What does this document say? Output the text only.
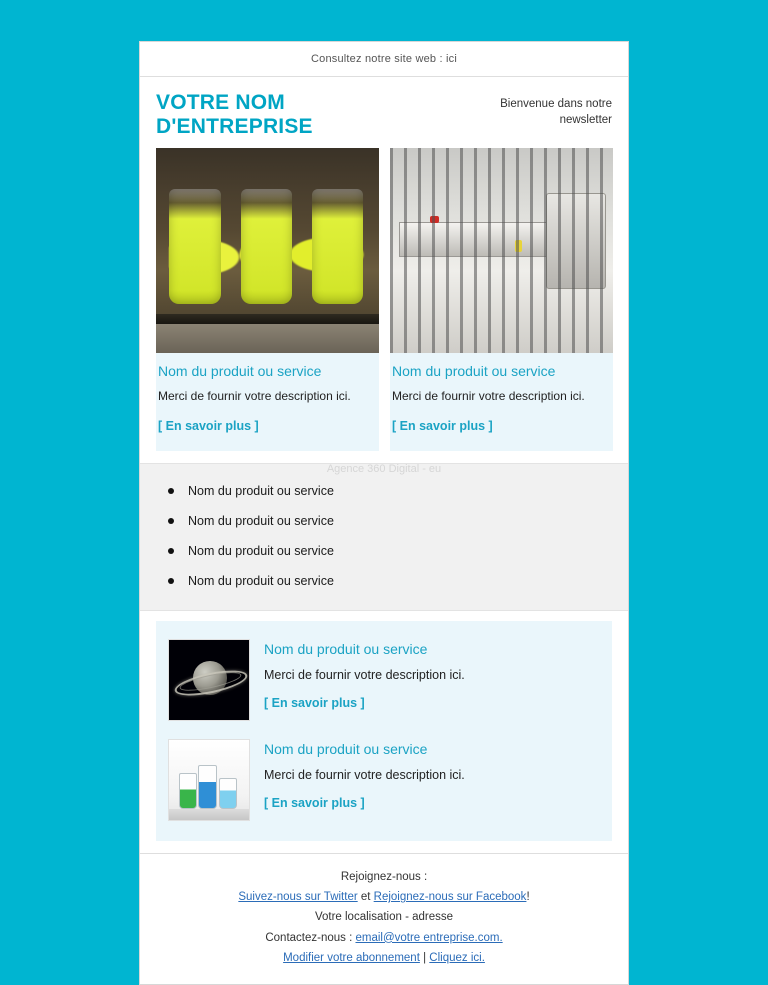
Consultez notre site web : ici
VOTRE NOM
D'ENTREPRISE
Bienvenue dans notre newsletter
Nom du produit ou service
Merci de fournir votre description ici.
[ En savoir plus ]
Nom du produit ou service
Merci de fournir votre description ici.
[ En savoir plus ]
Agence 360 Digital - eu
Nom du produit ou service
Nom du produit ou service
Nom du produit ou service
Nom du produit ou service
Nom du produit ou service
Merci de fournir votre description ici.
[ En savoir plus ]
Nom du produit ou service
Merci de fournir votre description ici.
[ En savoir plus ]
Rejoignez-nous :
Suivez-nous sur Twitter et Rejoignez-nous sur Facebook!
Votre localisation - adresse
Contactez-nous : email@votre entreprise.com.
Modifier votre abonnement | Cliquez ici.
